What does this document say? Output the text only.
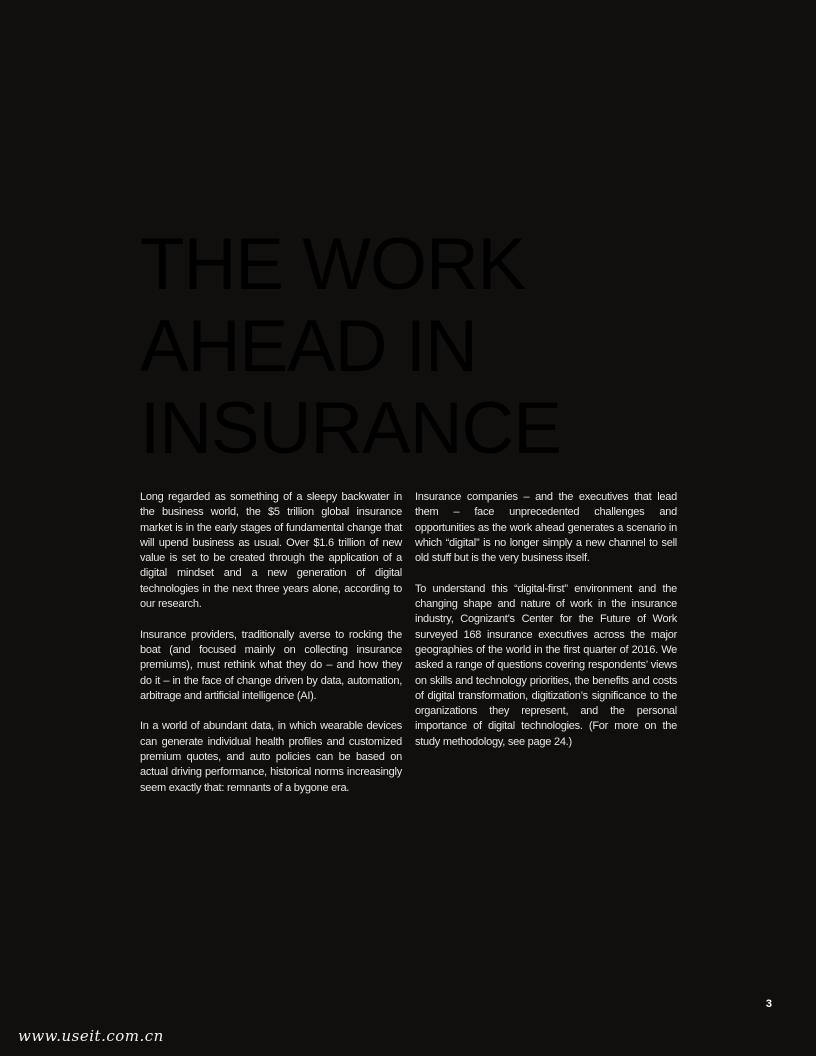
THE WORK
AHEAD IN
INSURANCE

Long regarded as something of a sleepy backwater in the business world, the $5 trillion global insurance market is in the early stages of fundamental change that will upend business as usual. Over $1.6 trillion of new value is set to be created through the application of a digital mindset and a new generation of digital technologies in the next three years alone, according to our research.

Insurance providers, traditionally averse to rocking the boat (and focused mainly on collecting insurance premiums), must rethink what they do – and how they do it – in the face of change driven by data, automation, arbitrage and artificial intelligence (AI).

In a world of abundant data, in which wearable devices can generate individual health profiles and customized premium quotes, and auto policies can be based on actual driving performance, historical norms increasingly seem exactly that: remnants of a bygone era.

Insurance companies – and the executives that lead them – face unprecedented challenges and opportunities as the work ahead generates a scenario in which “digital” is no longer simply a new channel to sell old stuff but is the very business itself.

To understand this “digital-first” environment and the changing shape and nature of work in the insurance industry, Cognizant’s Center for the Future of Work surveyed 168 insurance executives across the major geographies of the world in the first quarter of 2016. We asked a range of questions covering respondents’ views on skills and technology priorities, the benefits and costs of digital transformation, digitization’s significance to the organizations they represent, and the personal importance of digital technologies. (For more on the study methodology, see page 24.)

3
www.useit.com.cn
